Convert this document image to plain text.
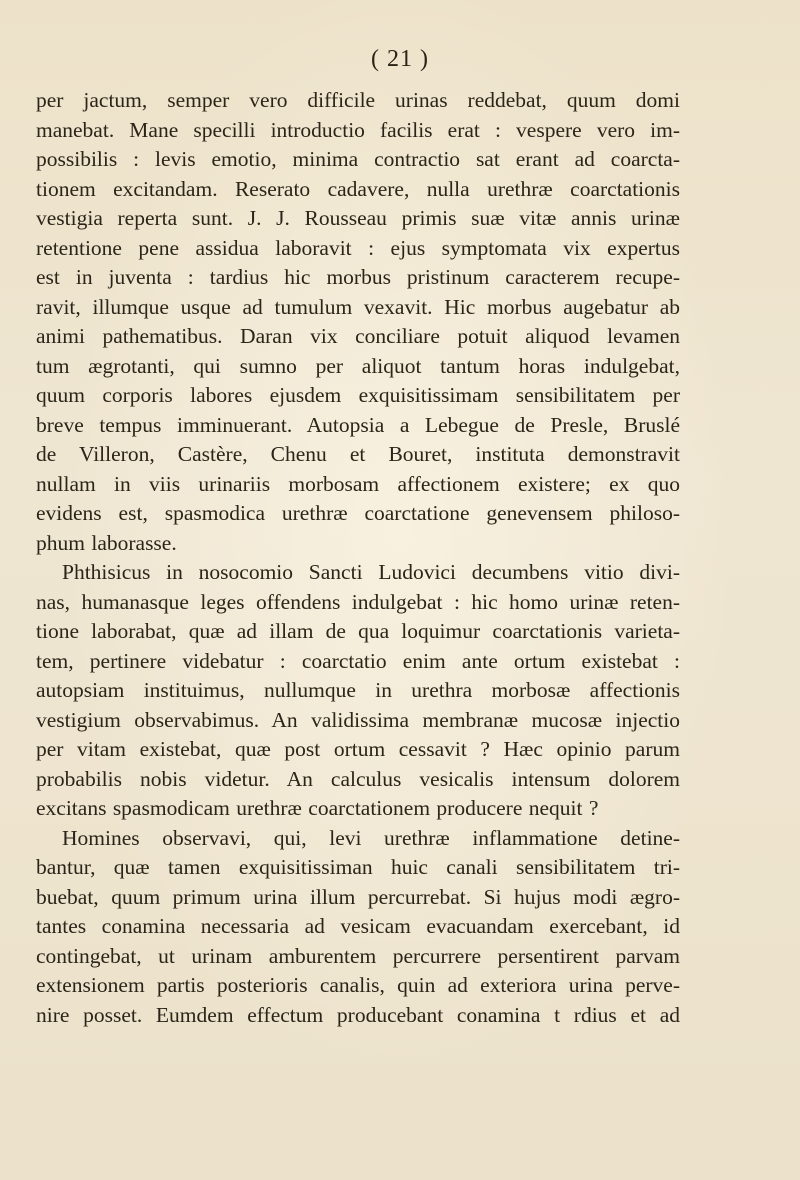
( 21 )
per jactum, semper vero difficile urinas reddebat, quum domi
manebat. Mane specilli introductio facilis erat : vespere vero im-
possibilis : levis emotio, minima contractio sat erant ad coarcta-
tionem excitandam. Reserato cadavere, nulla urethræ coarctationis
vestigia reperta sunt. J. J. Rousseau primis suæ vitæ annis urinæ
retentione pene assidua laboravit : ejus symptomata vix expertus
est in juventa : tardius hic morbus pristinum caracterem recupe-
ravit, illumque usque ad tumulum vexavit. Hic morbus augebatur ab
animi pathematibus. Daran vix conciliare potuit aliquod levamen
tum ægrotanti, qui sumno per aliquot tantum horas indulgebat,
quum corporis labores ejusdem exquisitissimam sensibilitatem per
breve tempus imminuerant. Autopsia a Lebegue de Presle, Bruslé
de Villeron, Castère, Chenu et Bouret, instituta demonstravit
nullam in viis urinariis morbosam affectionem existere; ex quo
evidens est, spasmodica urethræ coarctatione genevensem philoso-
phum laborasse.
Phthisicus in nosocomio Sancti Ludovici decumbens vitio divi-
nas, humanasque leges offendens indulgebat : hic homo urinæ reten-
tione laborabat, quæ ad illam de qua loquimur coarctationis varieta-
tem, pertinere videbatur : coarctatio enim ante ortum existebat :
autopsiam instituimus, nullumque in urethra morbosæ affectionis
vestigium observabimus. An validissima membranæ mucosæ injectio
per vitam existebat, quæ post ortum cessavit ? Hæc opinio parum
probabilis nobis videtur. An calculus vesicalis intensum dolorem
excitans spasmodicam urethræ coarctationem producere nequit ?
Homines observavi, qui, levi urethræ inflammatione detine-
bantur, quæ tamen exquisitissiman huic canali sensibilitatem tri-
buebat, quum primum urina illum percurrebat. Si hujus modi ægro-
tantes conamina necessaria ad vesicam evacuandam exercebant, id
contingebat, ut urinam amburentem percurrere persentirent parvam
extensionem partis posterioris canalis, quin ad exteriora urina perve-
nire posset. Eumdem effectum producebant conamina t rdius et ad
